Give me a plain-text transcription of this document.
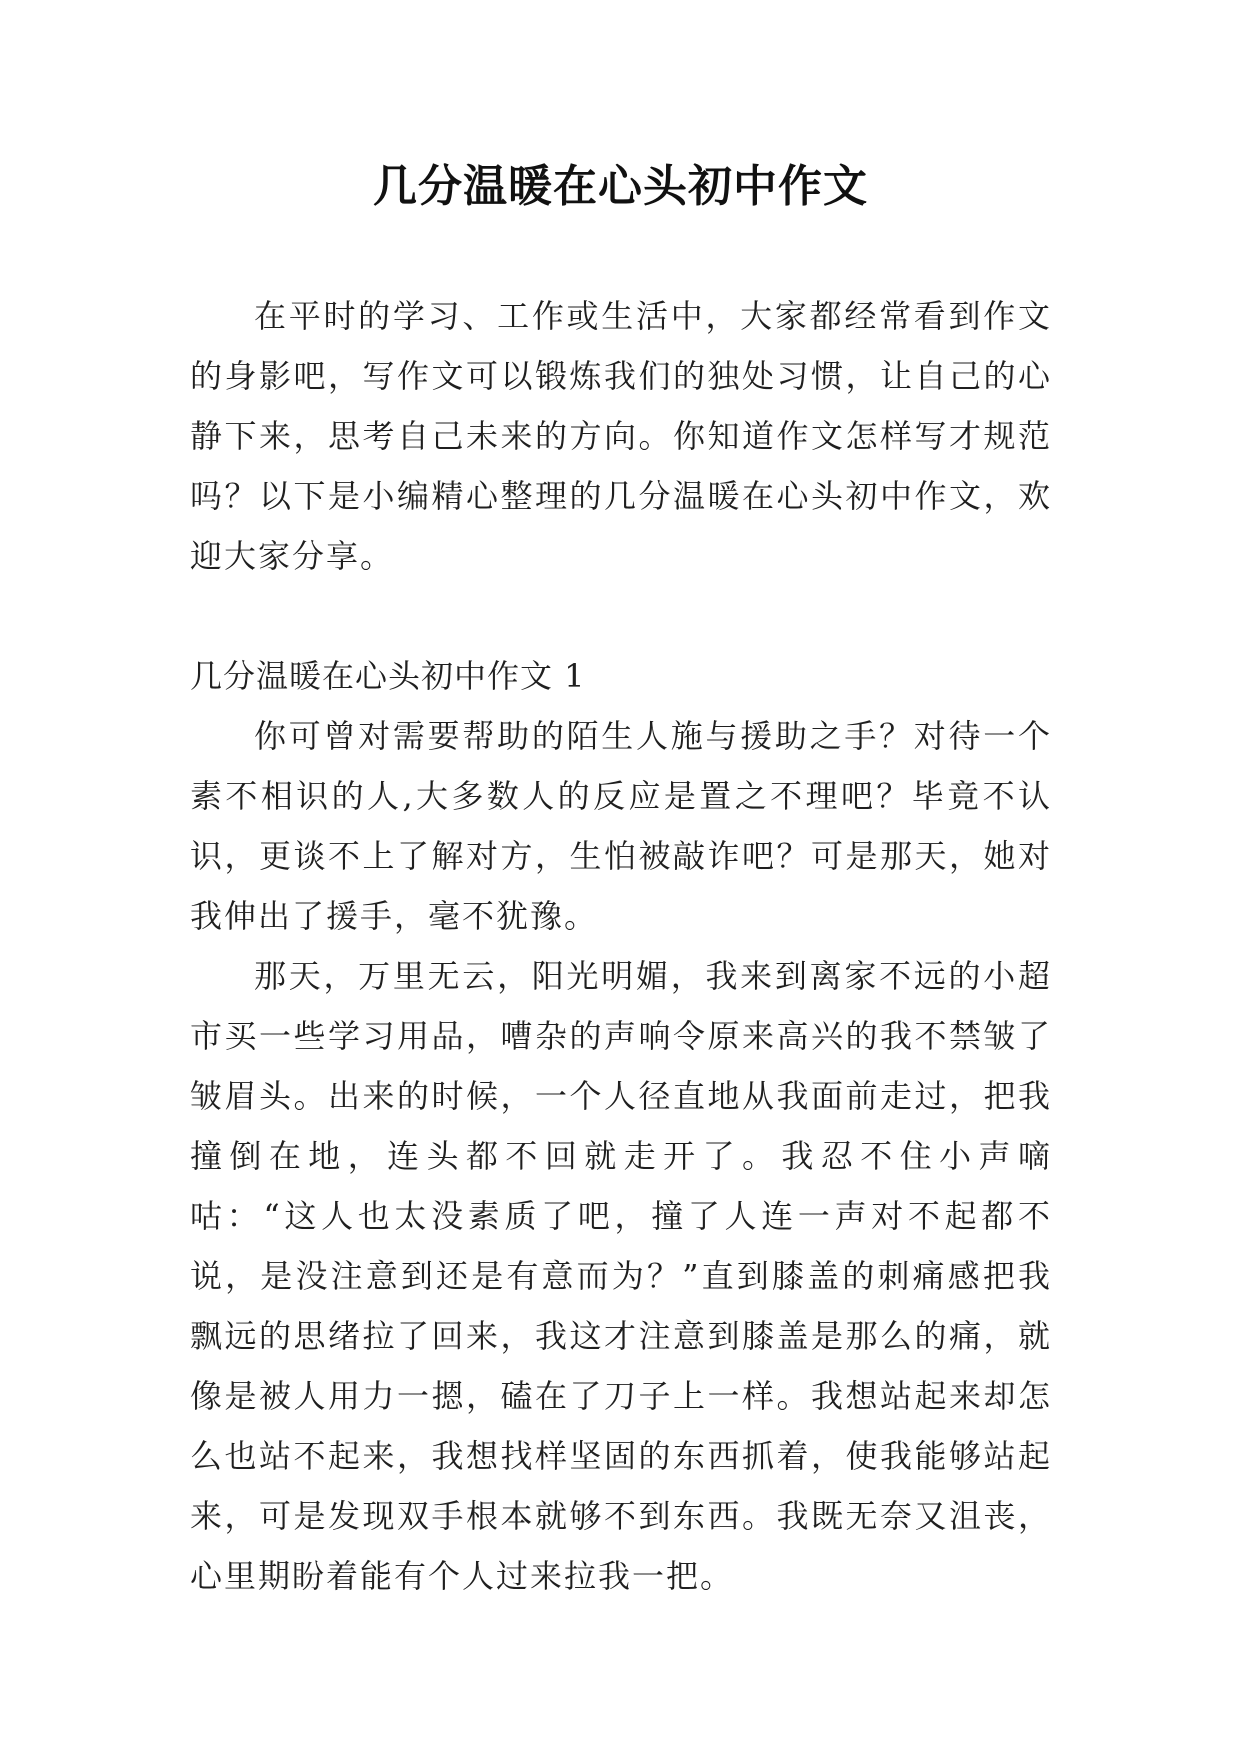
几分温暖在心头初中作文

在平时的学习、工作或生活中，大家都经常看到作文的身影吧，写作文可以锻炼我们的独处习惯，让自己的心静下来，思考自己未来的方向。你知道作文怎样写才规范吗？以下是小编精心整理的几分温暖在心头初中作文，欢迎大家分享。

几分温暖在心头初中作文 1

你可曾对需要帮助的陌生人施与援助之手？对待一个素不相识的人,大多数人的反应是置之不理吧？毕竟不认识，更谈不上了解对方，生怕被敲诈吧？可是那天，她对我伸出了援手，毫不犹豫。

那天，万里无云，阳光明媚，我来到离家不远的小超市买一些学习用品，嘈杂的声响令原来高兴的我不禁皱了皱眉头。出来的时候，一个人径直地从我面前走过，把我撞倒在地，连头都不回就走开了。我忍不住小声嘀咕：“这人也太没素质了吧，撞了人连一声对不起都不说，是没注意到还是有意而为？”直到膝盖的刺痛感把我飘远的思绪拉了回来，我这才注意到膝盖是那么的痛，就像是被人用力一摁，磕在了刀子上一样。我想站起来却怎么也站不起来，我想找样坚固的东西抓着，使我能够站起来，可是发现双手根本就够不到东西。我既无奈又沮丧，心里期盼着能有个人过来拉我一把。
